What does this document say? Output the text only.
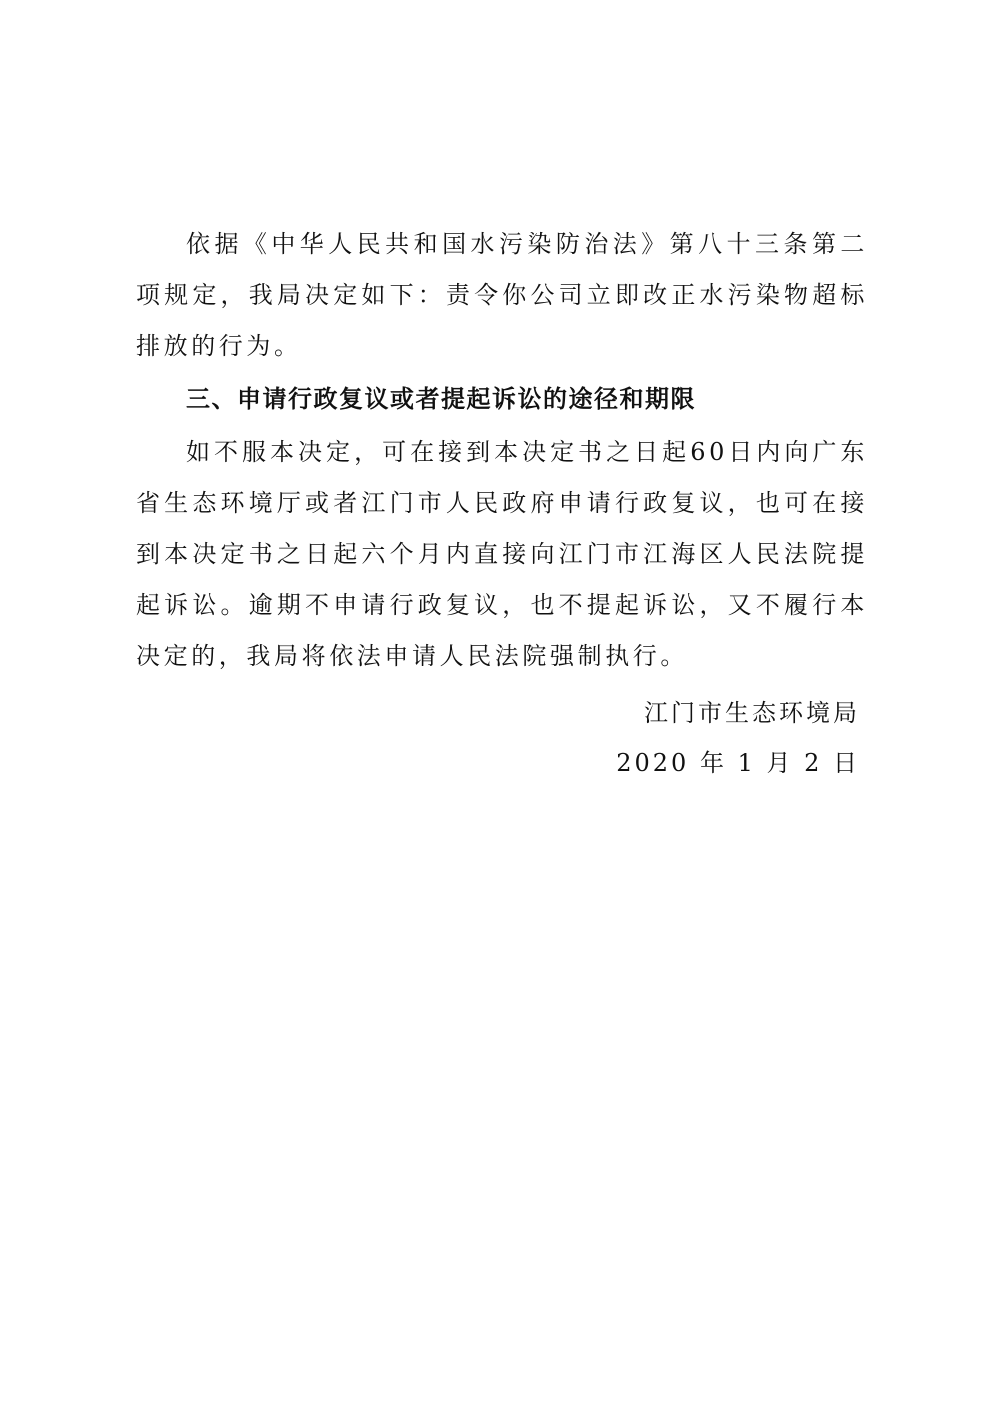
依据《中华人民共和国水污染防治法》第八十三条第二项规定，我局决定如下：责令你公司立即改正水污染物超标排放的行为。

三、申请行政复议或者提起诉讼的途径和期限

如不服本决定，可在接到本决定书之日起60日内向广东省生态环境厅或者江门市人民政府申请行政复议，也可在接到本决定书之日起六个月内直接向江门市江海区人民法院提起诉讼。逾期不申请行政复议，也不提起诉讼，又不履行本决定的，我局将依法申请人民法院强制执行。

江门市生态环境局

2020 年 1 月 2 日
